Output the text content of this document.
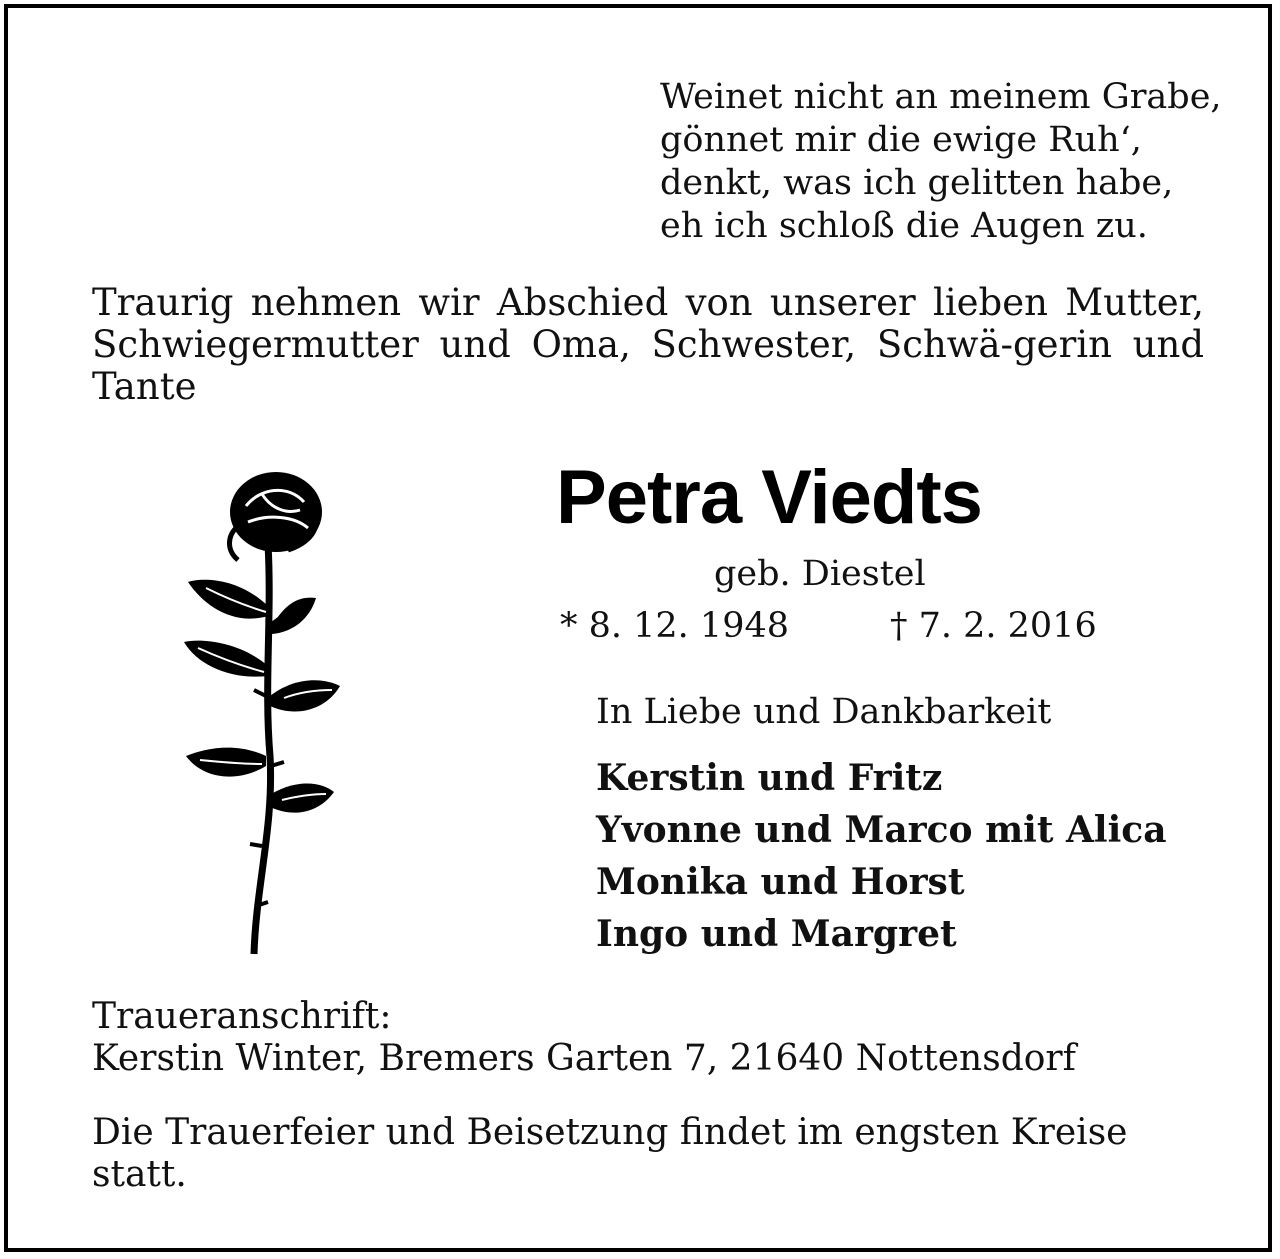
Weinet nicht an meinem Grabe,
gönnet mir die ewige Ruh‘,
denkt, was ich gelitten habe,
eh ich schloß die Augen zu.
Traurig nehmen wir Abschied von unserer lieben Mutter, Schwiegermutter und Oma, Schwester, Schwä-gerin und Tante
Petra Viedts
geb. Diestel
* 8. 12. 1948	† 7. 2. 2016
In Liebe und Dankbarkeit
Kerstin und Fritz
Yvonne und Marco mit Alica
Monika und Horst
Ingo und Margret
Traueranschrift:
Kerstin Winter, Bremers Garten 7, 21640 Nottensdorf
Die Trauerfeier und Beisetzung findet im engsten Kreise statt.
